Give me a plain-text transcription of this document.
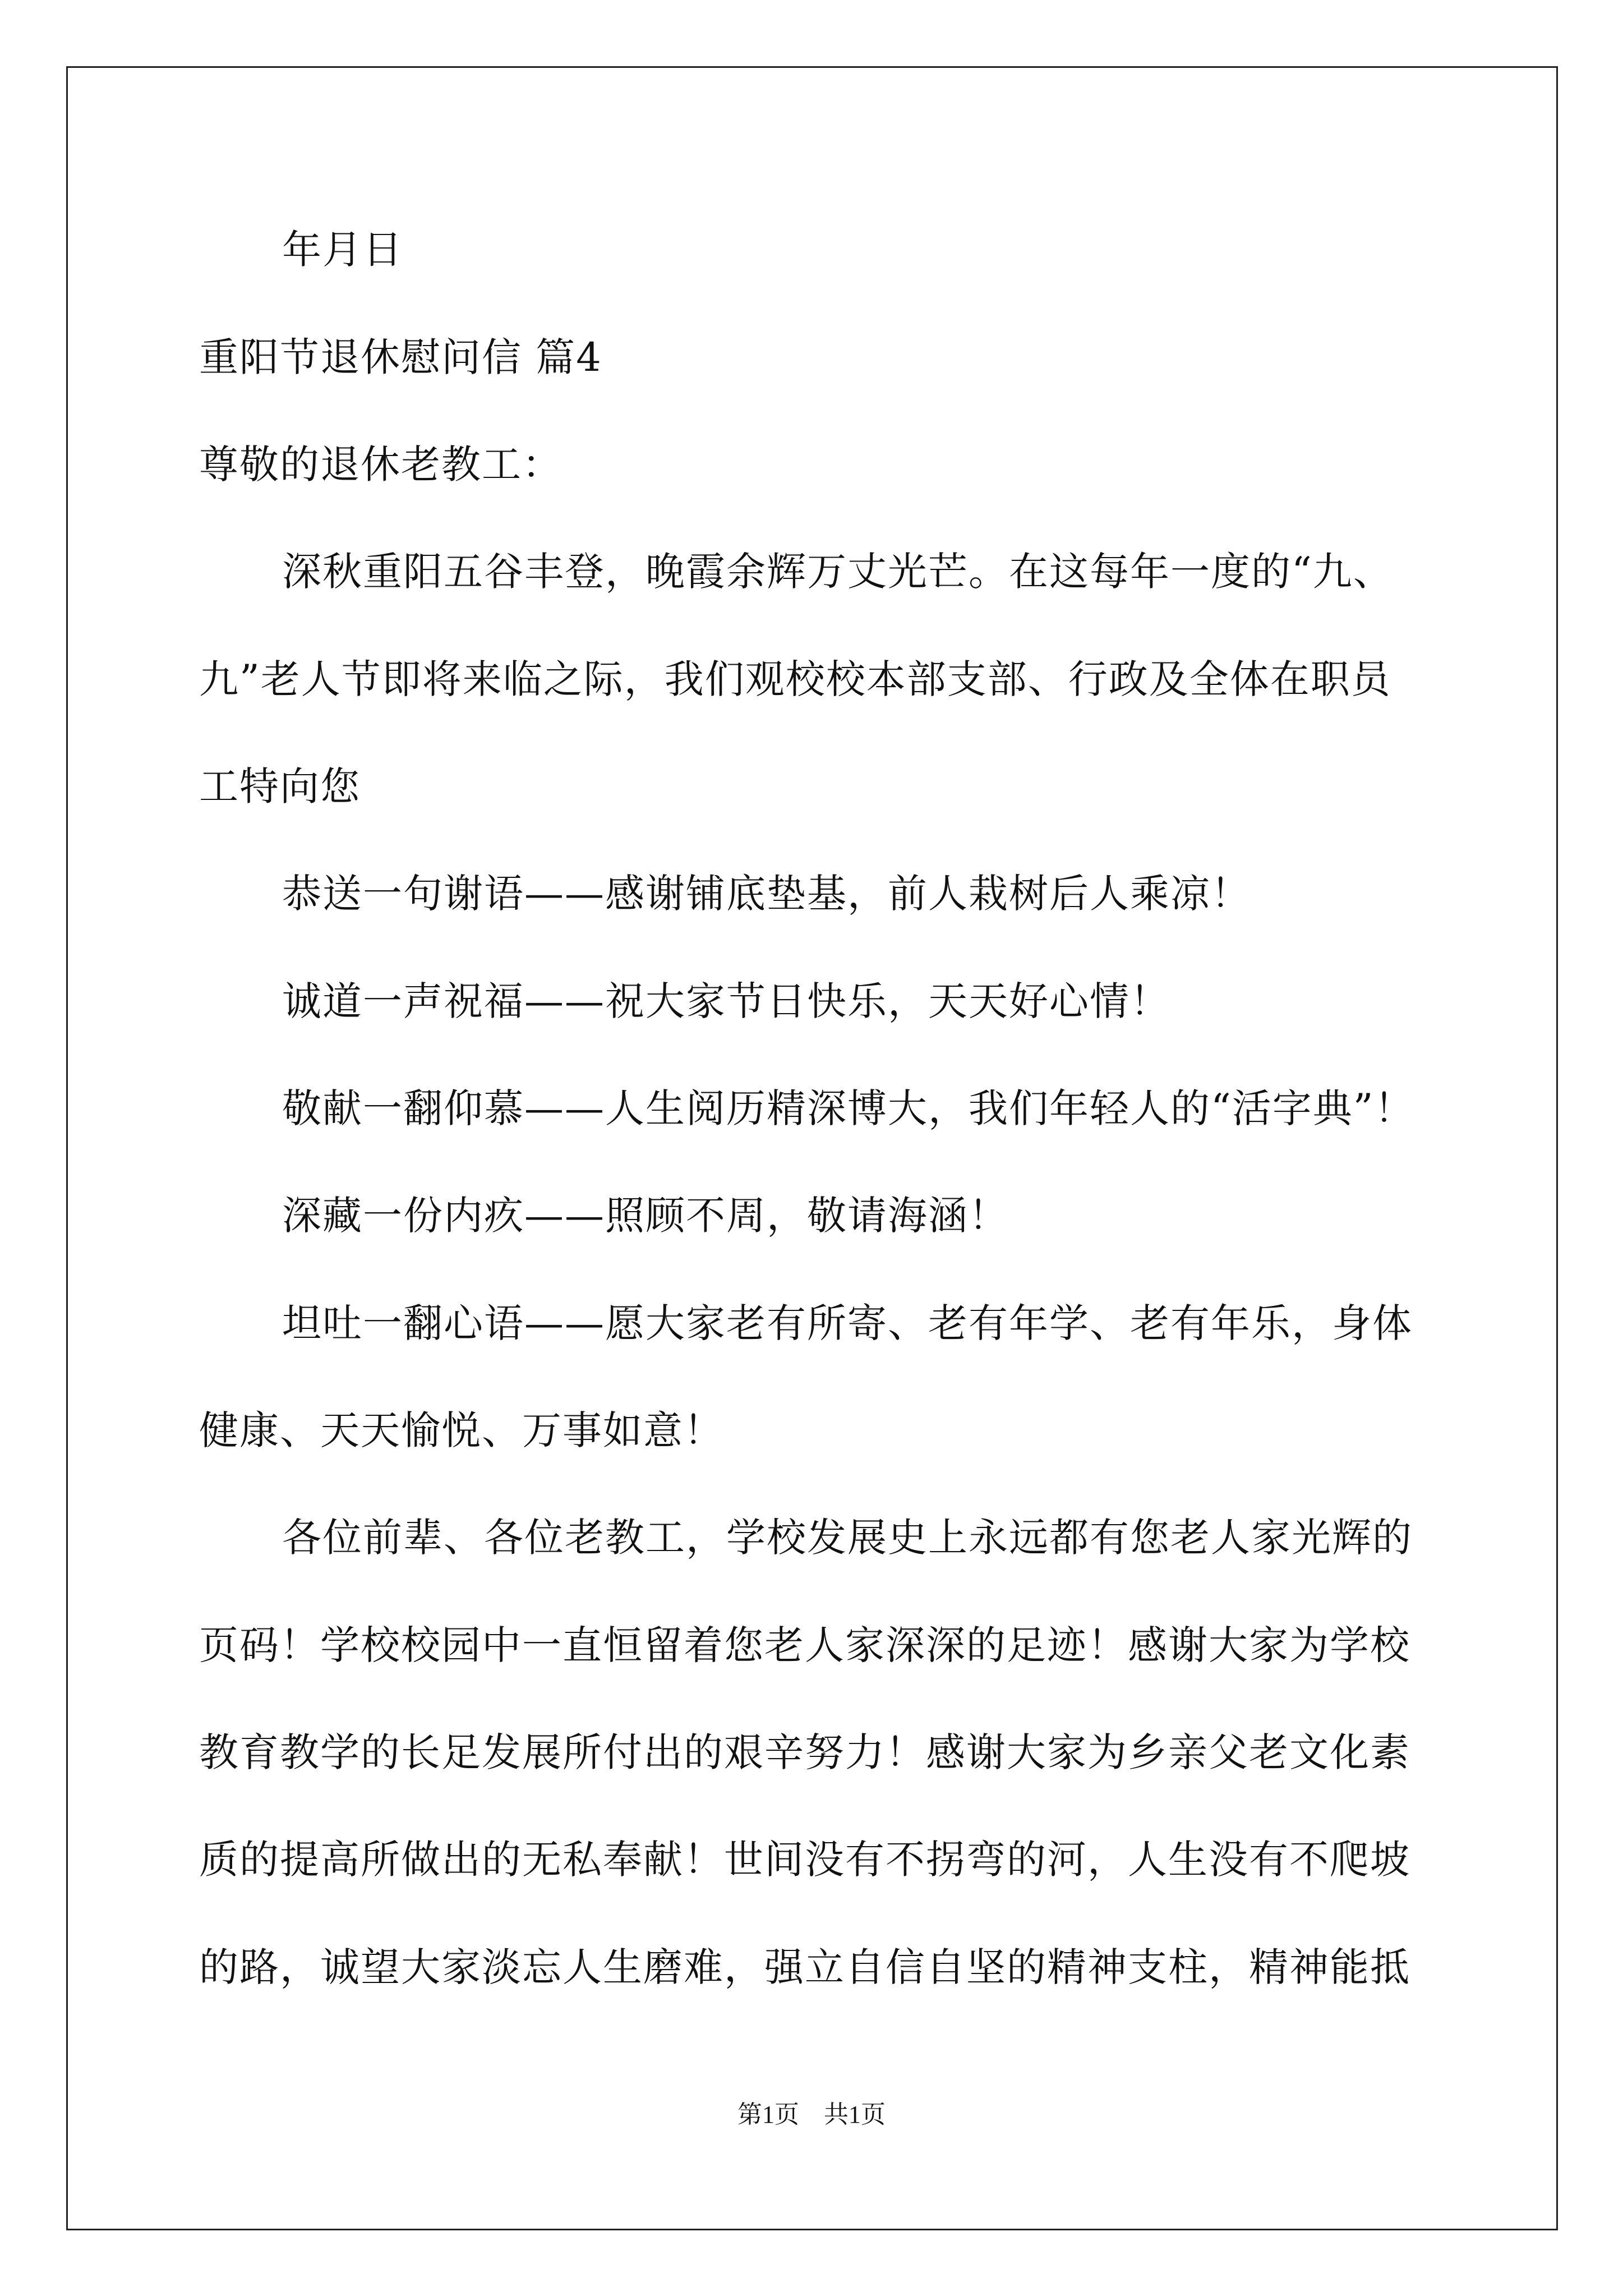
年月日
重阳节退休慰问信 篇4
尊敬的退休老教工：
深秋重阳五谷丰登，晚霞余辉万丈光芒。在这每年一度的“九、
九”老人节即将来临之际，我们观校校本部支部、行政及全体在职员
工特向您
恭送一句谢语——感谢铺底垫基，前人栽树后人乘凉！
诚道一声祝福——祝大家节日快乐，天天好心情！
敬献一翻仰慕——人生阅历精深博大，我们年轻人的“活字典”！
深藏一份内疚——照顾不周，敬请海涵！
坦吐一翻心语——愿大家老有所寄、老有年学、老有年乐，身体
健康、天天愉悦、万事如意！
各位前辈、各位老教工，学校发展史上永远都有您老人家光辉的
页码！学校校园中一直恒留着您老人家深深的足迹！感谢大家为学校
教育教学的长足发展所付出的艰辛努力！感谢大家为乡亲父老文化素
质的提高所做出的无私奉献！世间没有不拐弯的河，人生没有不爬坡
的路，诚望大家淡忘人生磨难，强立自信自坚的精神支柱，精神能抵
第1页　共1页
